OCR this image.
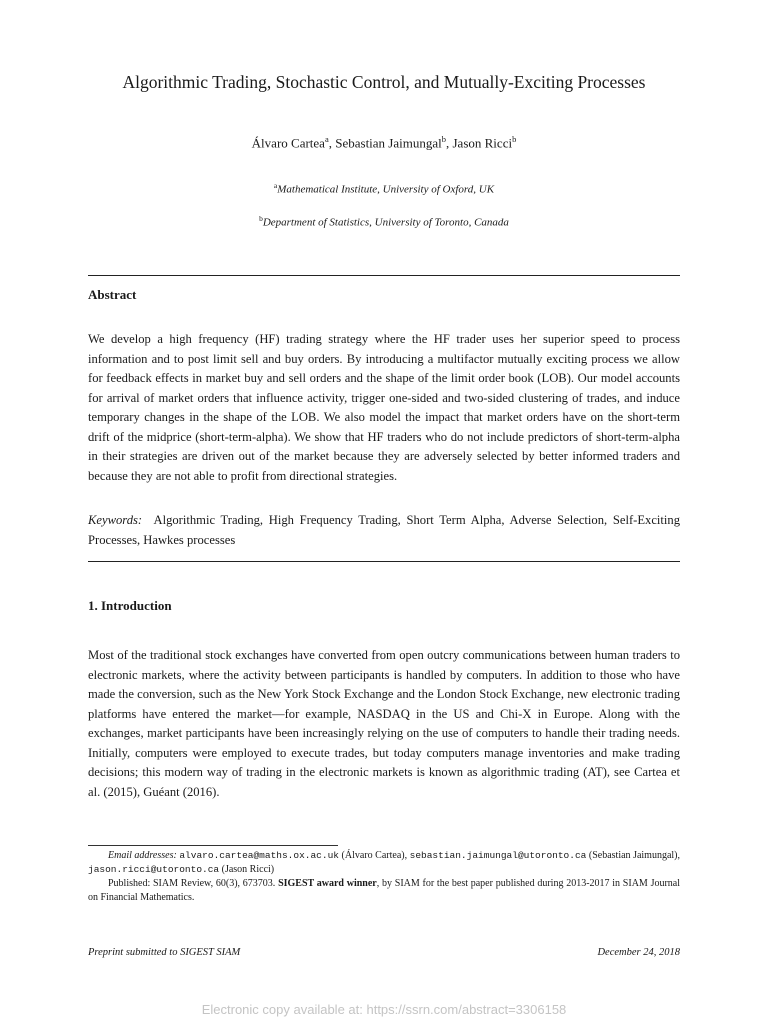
Algorithmic Trading, Stochastic Control, and Mutually-Exciting Processes
Álvaro Cartea$^a$, Sebastian Jaimungal$^b$, Jason Ricci$^b$
$^a$Mathematical Institute, University of Oxford, UK
$^b$Department of Statistics, University of Toronto, Canada
Abstract

We develop a high frequency (HF) trading strategy where the HF trader uses her superior speed to process information and to post limit sell and buy orders. By introducing a multifactor mutually exciting process we allow for feedback effects in market buy and sell orders and the shape of the limit order book (LOB). Our model accounts for arrival of market orders that influence activity, trigger one-sided and two-sided clustering of trades, and induce temporary changes in the shape of the LOB. We also model the impact that market orders have on the short-term drift of the midprice (short-term-alpha). We show that HF traders who do not include predictors of short-term-alpha in their strategies are driven out of the market because they are adversely selected by better informed traders and because they are not able to profit from directional strategies.

Keywords: Algorithmic Trading, High Frequency Trading, Short Term Alpha, Adverse Selection, Self-Exciting Processes, Hawkes processes

1. Introduction

Most of the traditional stock exchanges have converted from open outcry communications between human traders to electronic markets, where the activity between participants is handled by computers. In addition to those who have made the conversion, such as the New York Stock Exchange and the London Stock Exchange, new electronic trading platforms have entered the market—for example, NASDAQ in the US and Chi-X in Europe. Along with the exchanges, market participants have been increasingly relying on the use of computers to handle their trading needs. Initially, computers were employed to execute trades, but today computers manage inventories and make trading decisions; this modern way of trading in the electronic markets is known as algorithmic trading (AT), see Cartea et al. (2015), Guéant (2016).

Email addresses: alvaro.cartea@maths.ox.ac.uk (Álvaro Cartea), sebastian.jaimungal@utoronto.ca (Sebastian Jaimungal), jason.ricci@utoronto.ca (Jason Ricci)
Published: SIAM Review, 60(3), 673703. SIGEST award winner, by SIAM for the best paper published during 2013-2017 in SIAM Journal on Financial Mathematics.
Preprint submitted to SIGEST SIAM	December 24, 2018
Electronic copy available at: https://ssrn.com/abstract=3306158
